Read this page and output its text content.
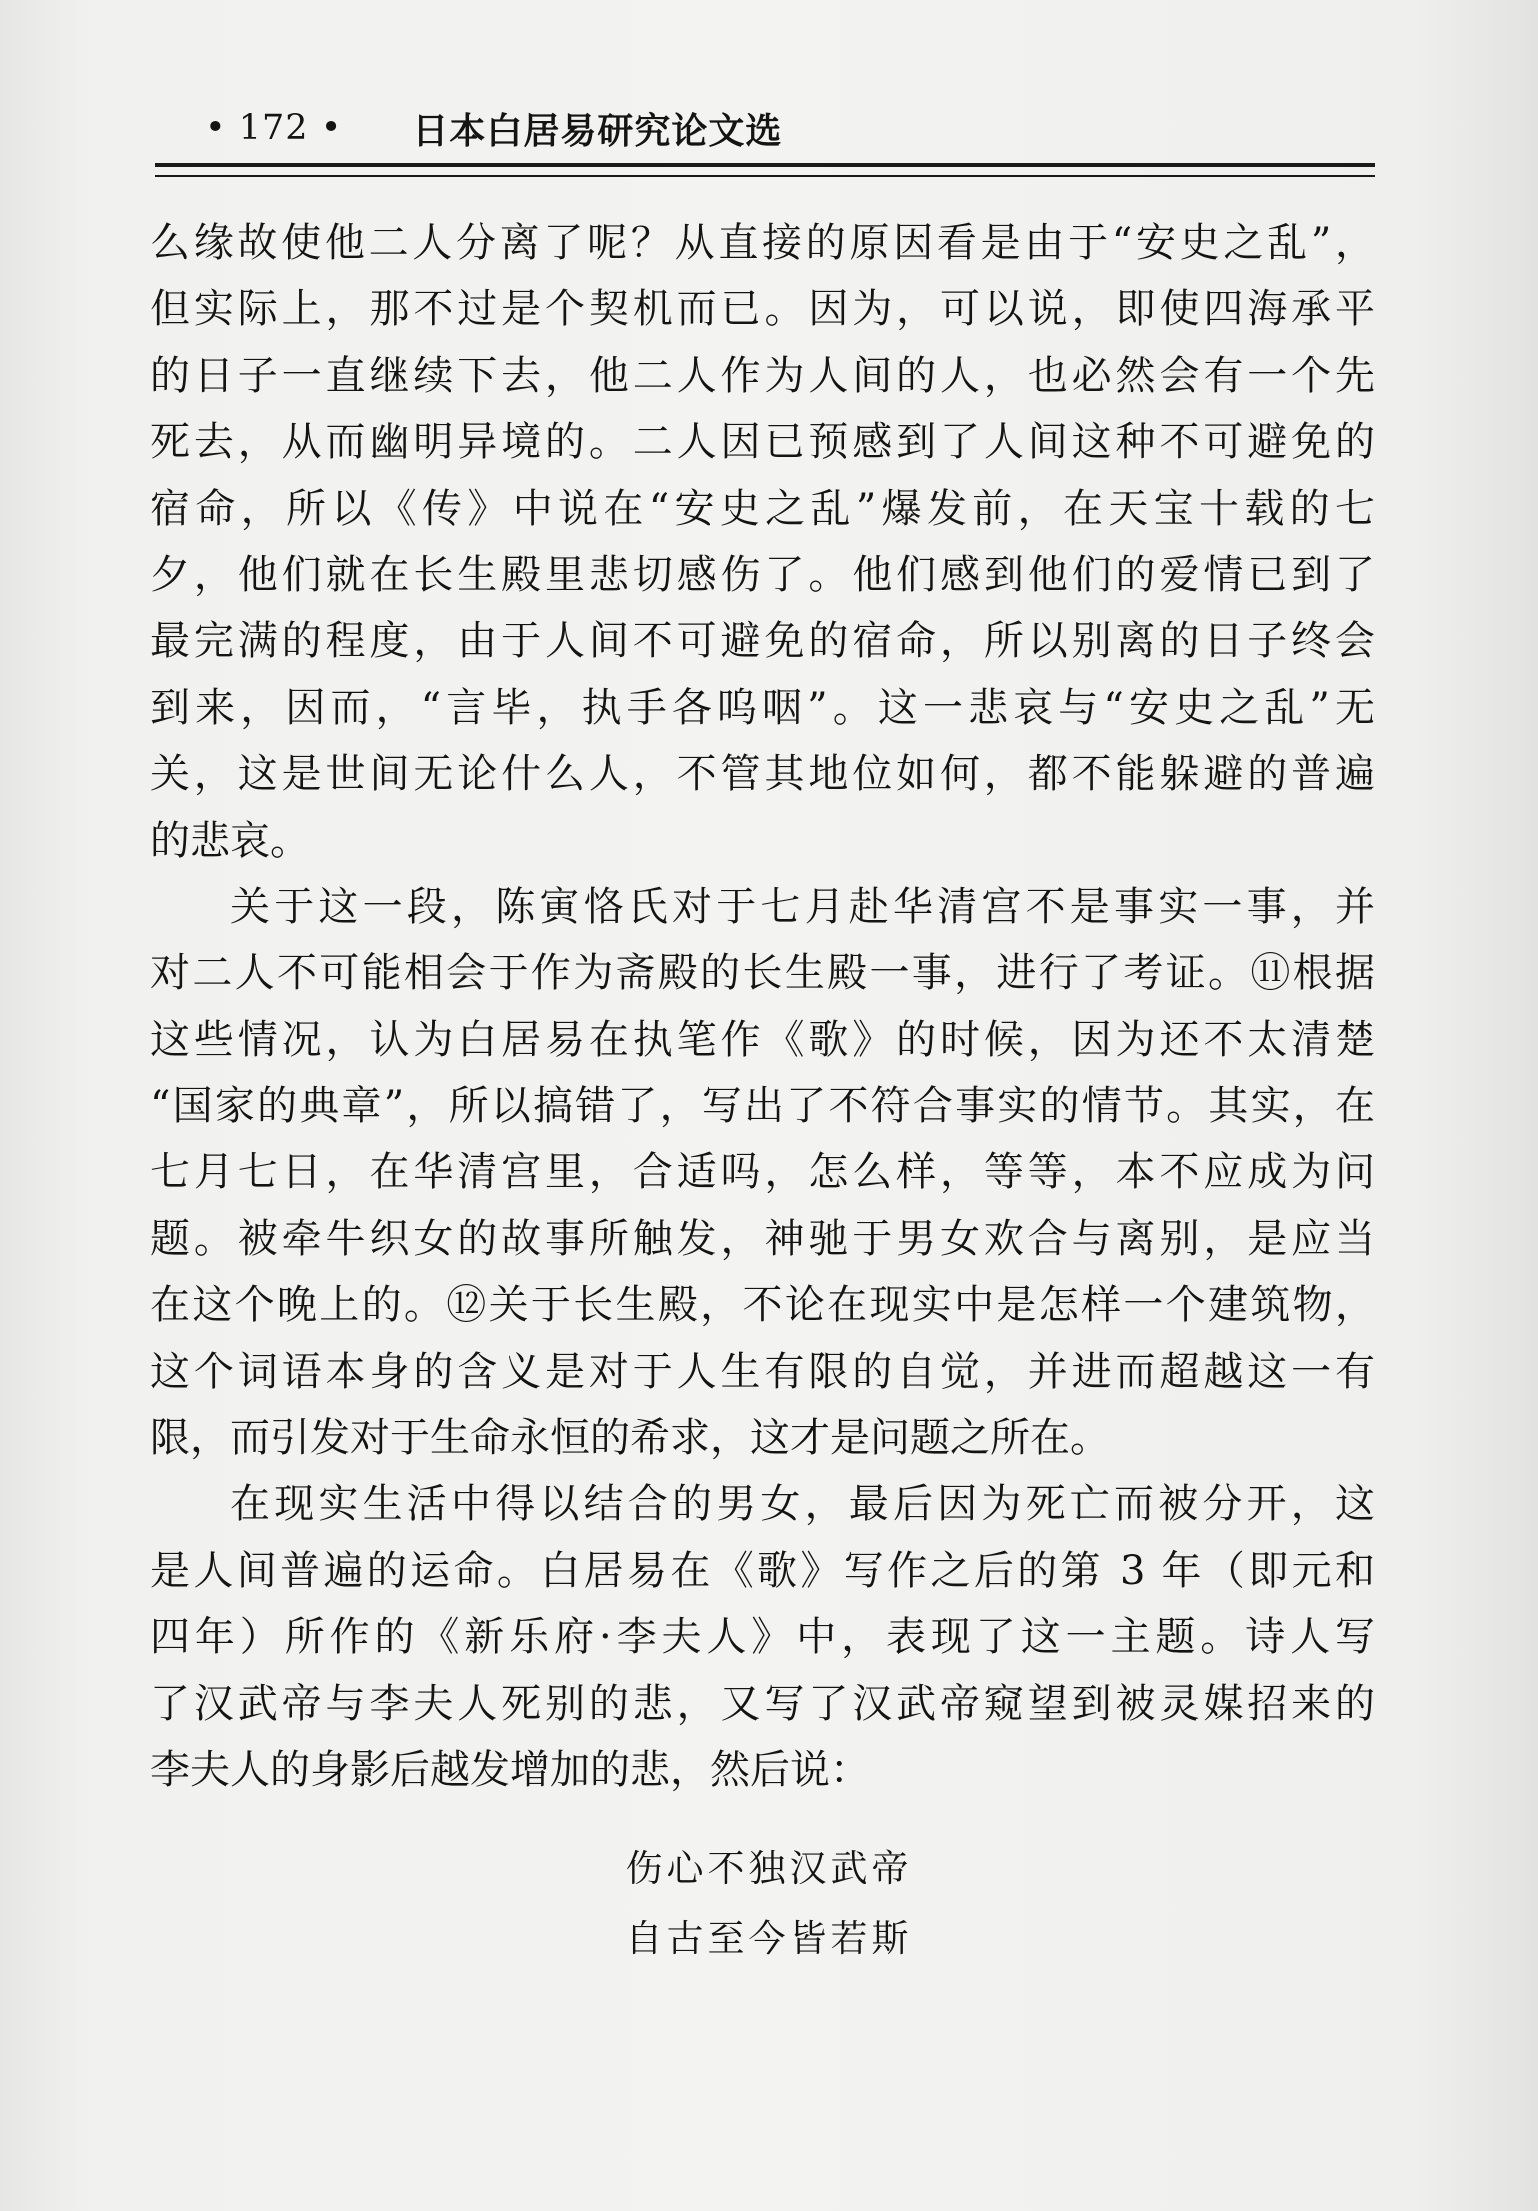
• 172 • 日本白居易研究论文选
么缘故使他二人分离了呢？从直接的原因看是由于“安史之乱”，
但实际上，那不过是个契机而已。因为，可以说，即使四海承平
的日子一直继续下去，他二人作为人间的人，也必然会有一个先
死去，从而幽明异境的。二人因已预感到了人间这种不可避免的
宿命，所以《传》中说在“安史之乱”爆发前，在天宝十载的七
夕，他们就在长生殿里悲切感伤了。他们感到他们的爱情已到了
最完满的程度，由于人间不可避免的宿命，所以别离的日子终会
到来，因而，“言毕，执手各呜咽”。这一悲哀与“安史之乱”无
关，这是世间无论什么人，不管其地位如何，都不能躲避的普遍
的悲哀。
关于这一段，陈寅恪氏对于七月赴华清宫不是事实一事，并
对二人不可能相会于作为斋殿的长生殿一事，进行了考证。⑪根据
这些情况，认为白居易在执笔作《歌》的时候，因为还不太清楚
“国家的典章”，所以搞错了，写出了不符合事实的情节。其实，在
七月七日，在华清宫里，合适吗，怎么样，等等，本不应成为问
题。被牵牛织女的故事所触发，神驰于男女欢合与离别，是应当
在这个晚上的。⑫关于长生殿，不论在现实中是怎样一个建筑物，
这个词语本身的含义是对于人生有限的自觉，并进而超越这一有
限，而引发对于生命永恒的希求，这才是问题之所在。
在现实生活中得以结合的男女，最后因为死亡而被分开，这
是人间普遍的运命。白居易在《歌》写作之后的第 3 年（即元和
四年）所作的《新乐府·李夫人》中，表现了这一主题。诗人写
了汉武帝与李夫人死别的悲，又写了汉武帝窥望到被灵媒招来的
李夫人的身影后越发增加的悲，然后说：
伤心不独汉武帝
自古至今皆若斯
